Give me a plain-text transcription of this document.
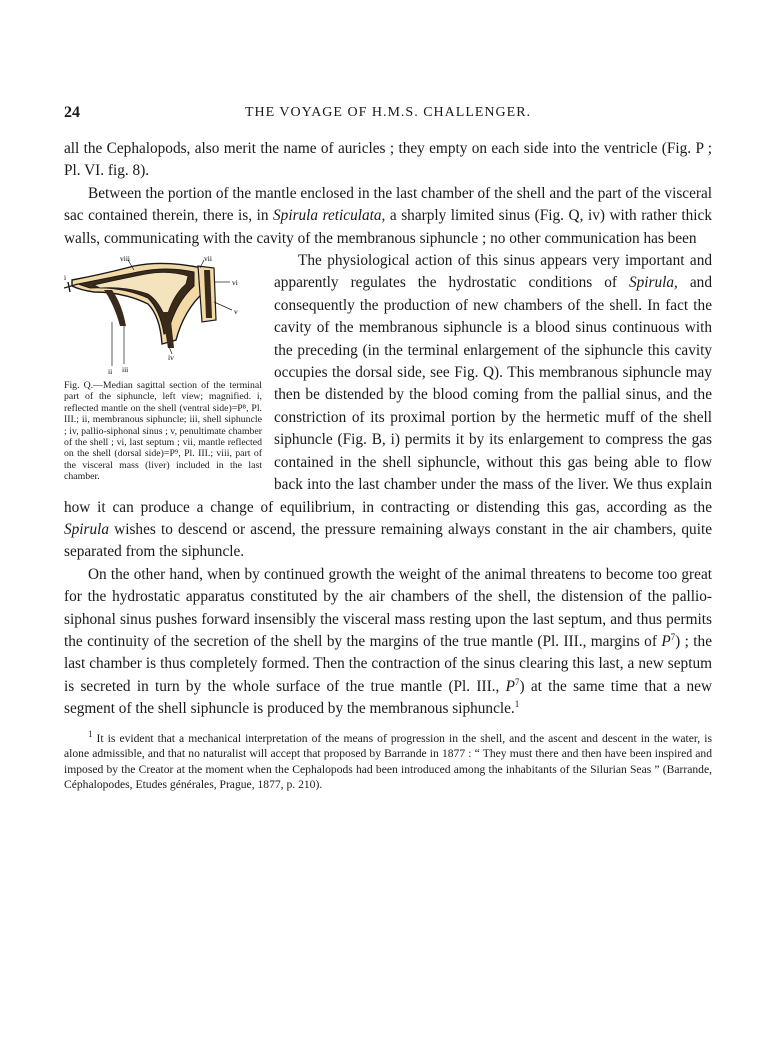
24	THE VOYAGE OF H.M.S. CHALLENGER.

all the Cephalopods, also merit the name of auricles ; they empty on each side into the ventricle (Fig. P ; Pl. VI. fig. 8).

Between the portion of the mantle enclosed in the last chamber of the shell and the part of the visceral sac contained therein, there is, in Spirula reticulata, a sharply limited sinus (Fig. Q, iv) with rather thick walls, communicating with the cavity of the membranous siphuncle ; no other communication has been

viii	vii
vi
v
iv
iii
ii
i
Fig. Q.—Median sagittal section of the terminal part of the siphuncle, left view; magnified. i, reflected mantle on the shell (ventral side)=P⁸, Pl. III.; ii, membranous siphuncle; iii, shell siphuncle ; iv, pallio-siphonal sinus ; v, penultimate chamber of the shell ; vi, last septum ; vii, mantle reflected on the shell (dorsal side)=P⁹, Pl. III.; viii, part of the visceral mass (liver) included in the last chamber.

The physiological action of this sinus appears very important and apparently regulates the hydrostatic conditions of Spirula, and consequently the production of new chambers of the shell. In fact the cavity of the membranous siphuncle is a blood sinus continuous with the preceding (in the terminal enlargement of the siphuncle this cavity occupies the dorsal side, see Fig. Q). This membranous siphuncle may then be distended by the blood coming from the pallial sinus, and the constriction of its proximal portion by the hermetic muff of the shell siphuncle (Fig. B, i) permits it by its enlargement to compress the gas contained in the shell siphuncle, without this gas being able to flow back into the last chamber under the mass of the liver. We thus explain how it can produce a change of equilibrium, in contracting or distending this gas, according as the Spirula wishes to descend or ascend, the pressure remaining always constant in the air chambers, quite separated from the siphuncle.

On the other hand, when by continued growth the weight of the animal threatens to become too great for the hydrostatic apparatus constituted by the air chambers of the shell, the distension of the pallio-siphonal sinus pushes forward insensibly the visceral mass resting upon the last septum, and thus permits the continuity of the secretion of the shell by the margins of the true mantle (Pl. III., margins of $P^7$) ; the last chamber is thus completely formed. Then the contraction of the sinus clearing this last, a new septum is secreted in turn by the whole surface of the true mantle (Pl. III., $P^7$) at the same time that a new segment of the shell siphuncle is produced by the membranous siphuncle.$^1$

$^1$ It is evident that a mechanical interpretation of the means of progression in the shell, and the ascent and descent in the water, is alone admissible, and that no naturalist will accept that proposed by Barrande in 1877 : “ They must there and then have been inspired and imposed by the Creator at the moment when the Cephalopods had been introduced among the inhabitants of the Silurian Seas ” (Barrande, Céphalopodes, Etudes générales, Prague, 1877, p. 210).
